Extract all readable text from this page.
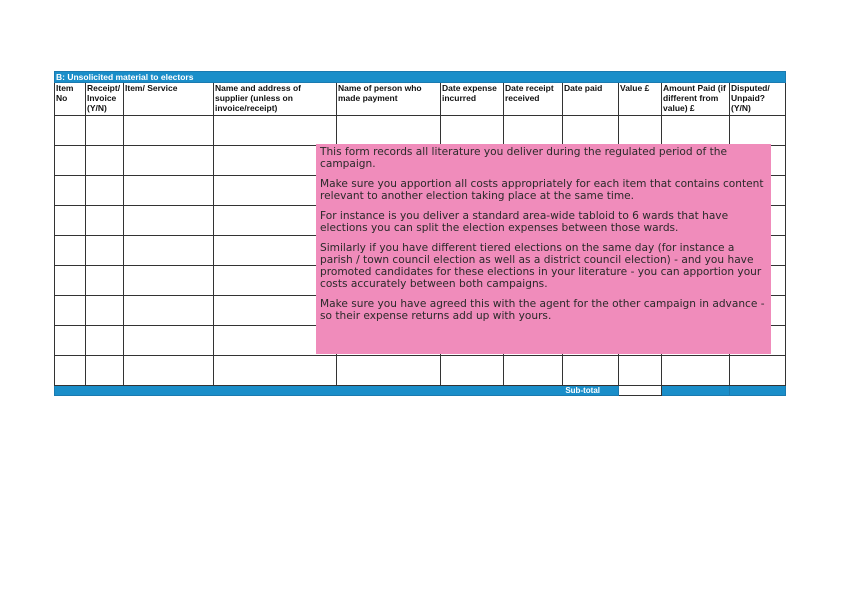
B: Unsolicited material to electors										
Item No	Receipt/ Invoice (Y/N)	Item/ Service	Name and address of supplier (unless on invoice/receipt)	Name of person who made payment	Date expense incurred	Date receipt received	Date paid	Value £	Amount Paid (if different from value) £	Disputed/ Unpaid? (Y/N)

Sub-total										

This form records all literature you deliver during the regulated period of the campaign.

Make sure you apportion all costs appropriately for each item that contains content relevant to another election taking place at the same time.

For instance is you deliver a standard area-wide tabloid to 6 wards that have elections you can split the election expenses between those wards.

Similarly if you have different tiered elections on the same day (for instance a parish / town council election as well as a district council election) - and you have promoted candidates for these elections in your literature - you can apportion your costs accurately between both campaigns.

Make sure you have agreed this with the agent for the other campaign in advance - so their expense returns add up with yours.
